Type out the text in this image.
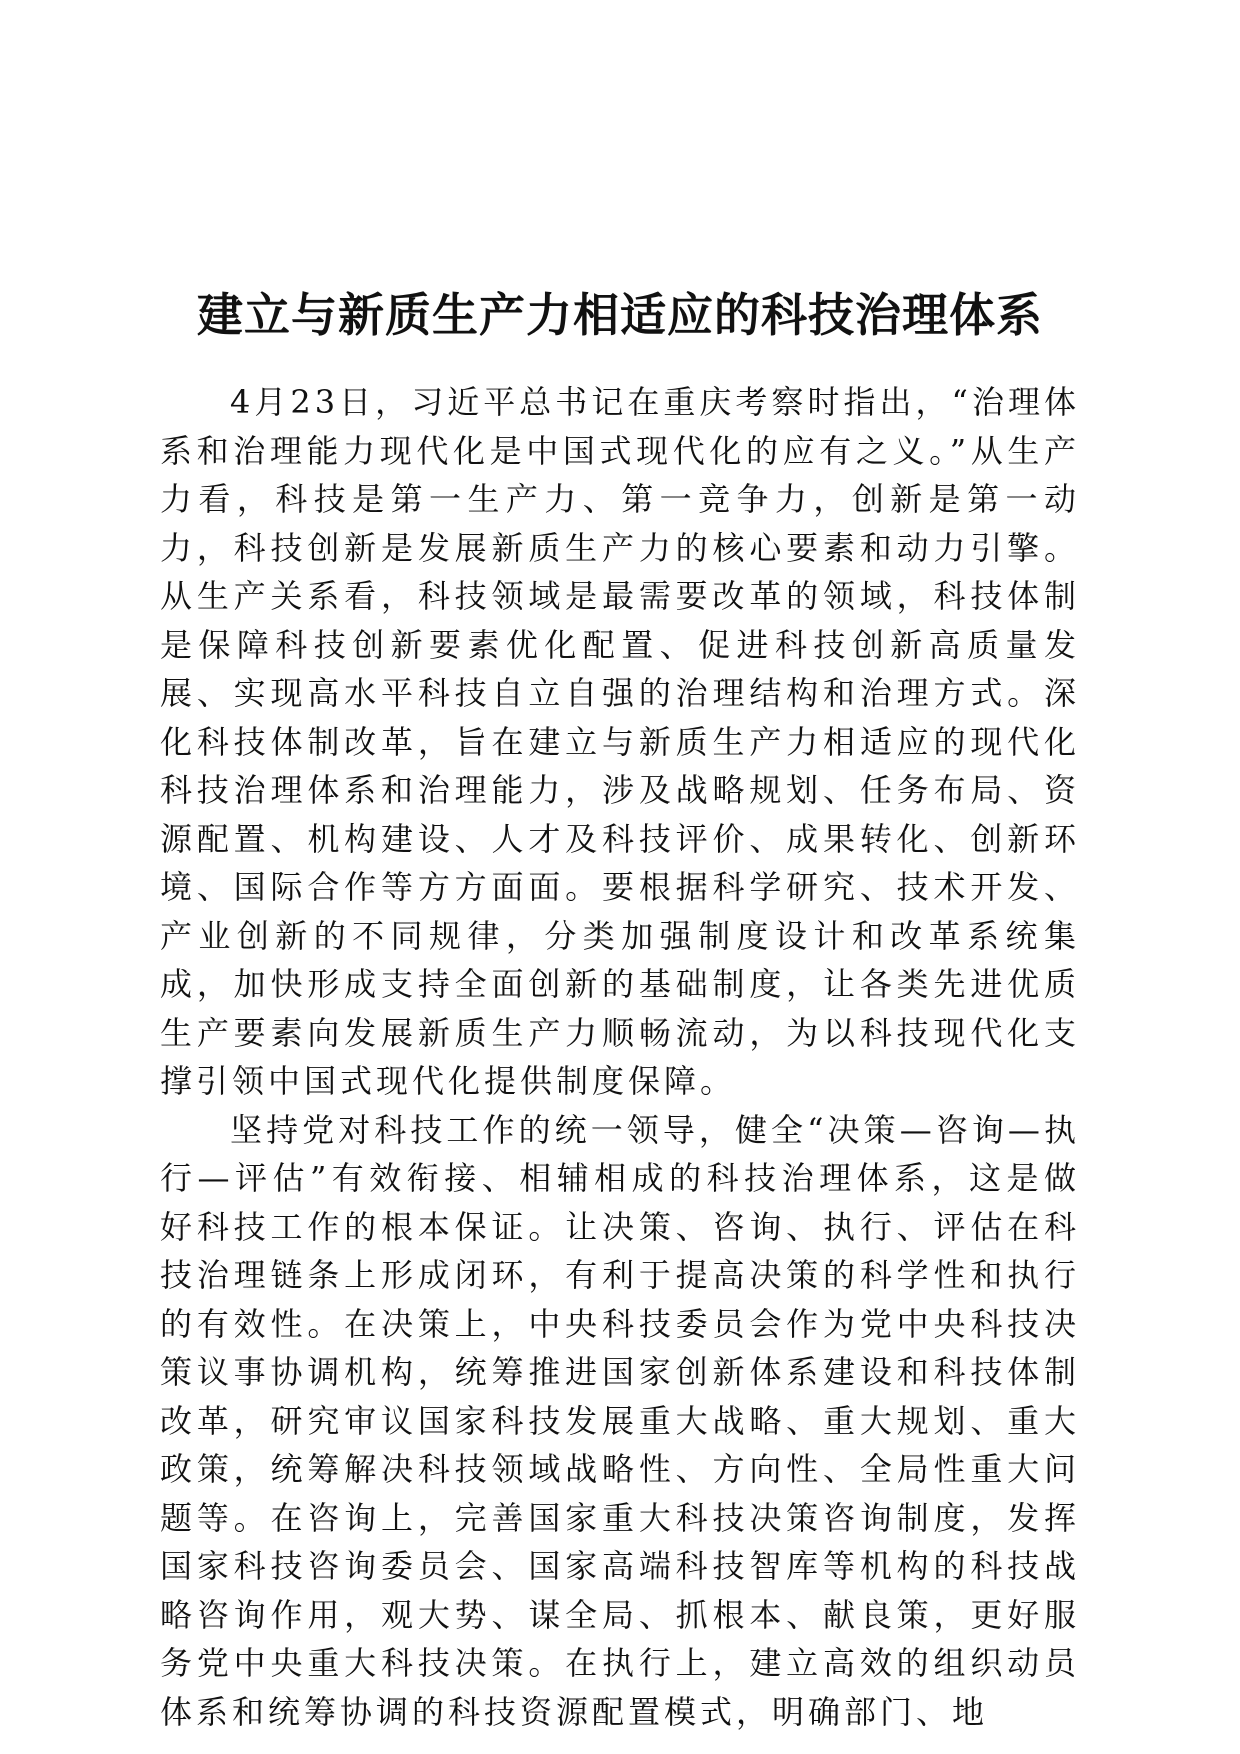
建立与新质生产力相适应的科技治理体系

4月23日，习近平总书记在重庆考察时指出，“治理体系和治理能力现代化是中国式现代化的应有之义。”从生产力看，科技是第一生产力、第一竞争力，创新是第一动力，科技创新是发展新质生产力的核心要素和动力引擎。从生产关系看，科技领域是最需要改革的领域，科技体制是保障科技创新要素优化配置、促进科技创新高质量发展、实现高水平科技自立自强的治理结构和治理方式。深化科技体制改革，旨在建立与新质生产力相适应的现代化科技治理体系和治理能力，涉及战略规划、任务布局、资源配置、机构建设、人才及科技评价、成果转化、创新环境、国际合作等方方面面。要根据科学研究、技术开发、产业创新的不同规律，分类加强制度设计和改革系统集成，加快形成支持全面创新的基础制度，让各类先进优质生产要素向发展新质生产力顺畅流动，为以科技现代化支撑引领中国式现代化提供制度保障。

坚持党对科技工作的统一领导，健全“决策—咨询—执行—评估”有效衔接、相辅相成的科技治理体系，这是做好科技工作的根本保证。让决策、咨询、执行、评估在科技治理链条上形成闭环，有利于提高决策的科学性和执行的有效性。在决策上，中央科技委员会作为党中央科技决策议事协调机构，统筹推进国家创新体系建设和科技体制改革，研究审议国家科技发展重大战略、重大规划、重大政策，统筹解决科技领域战略性、方向性、全局性重大问题等。在咨询上，完善国家重大科技决策咨询制度，发挥国家科技咨询委员会、国家高端科技智库等机构的科技战略咨询作用，观大势、谋全局、抓根本、献良策，更好服务党中央重大科技决策。在执行上，建立高效的组织动员体系和统筹协调的科技资源配置模式，明确部门、地
